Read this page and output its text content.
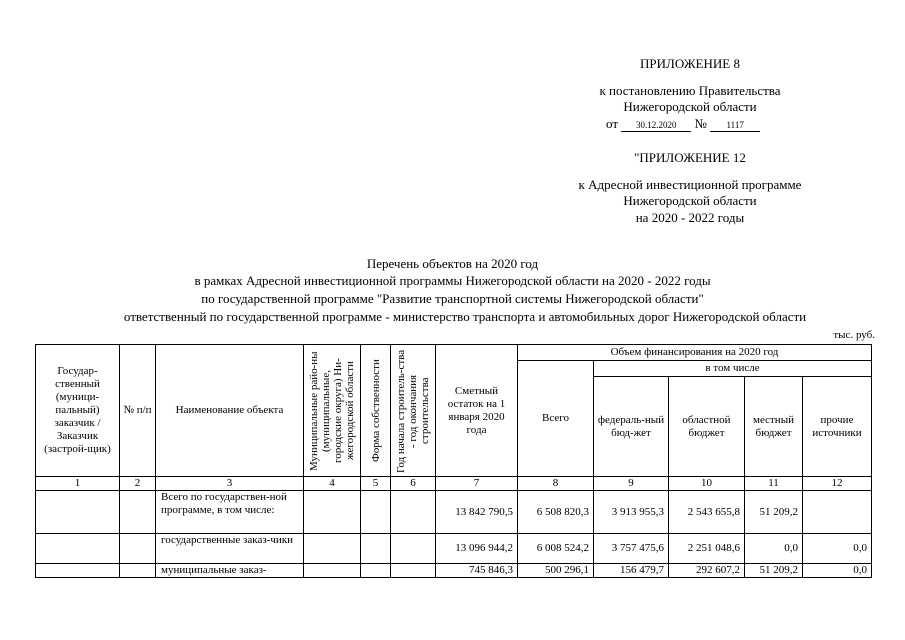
ПРИЛОЖЕНИЕ 8
к постановлению Правительства
Нижегородской области
от 30.12.2020 № 1117
"ПРИЛОЖЕНИЕ 12
к Адресной инвестиционной программе
Нижегородской области
на 2020 - 2022 годы
Перечень объектов на 2020 год
в рамках Адресной инвестиционной программы Нижегородской области на 2020 - 2022 годы
по государственной программе "Развитие транспортной системы Нижегородской области"
ответственный по государственной программе - министерство транспорта и автомобильных дорог Нижегородской области
тыс. руб.
Государ-ственный (муници-пальный) заказчик / Заказчик (застрой-щик)	№ п/п	Наименование объекта	Муниципальные райо-ны (муниципальные, городские округа) Ни-жегородской области	Форма собственности	Год начала строитель-ства - год окончания строительства	Сметный остаток на 1 января 2020 года	Объем финансирования на 2020 год				
							Всего	в том числе			
								федераль-ный бюд-жет	областной бюджет	местный бюджет	прочие источники
1	2	3	4	5	6	7	8	9	10	11	12
		Всего по государствен-ной программе, в том числе:				13 842 790,5	6 508 820,3	3 913 955,3	2 543 655,8	51 209,2	
		государственные заказ-чики				13 096 944,2	6 008 524,2	3 757 475,6	2 251 048,6	0,0	0,0
		муниципальные заказ-				745 846,3	500 296,1	156 479,7	292 607,2	51 209,2	0,0
